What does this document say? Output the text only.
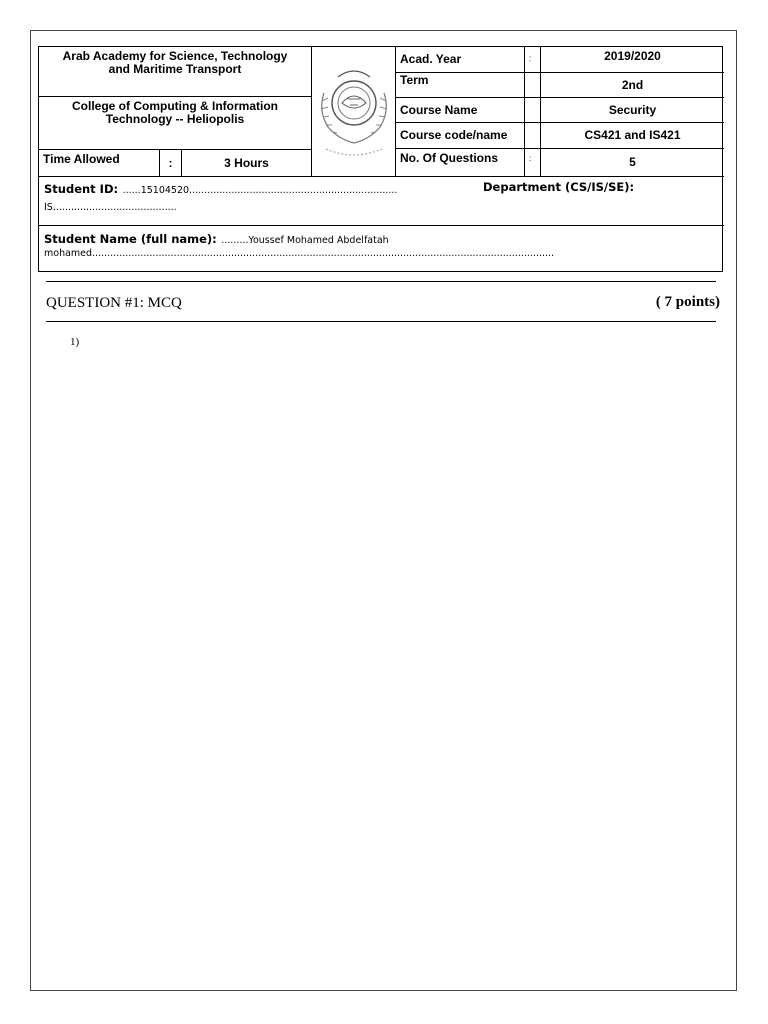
Arab Academy for Science, Technology
and Maritime Transport
College of Computing & Information
Technology -- Heliopolis
Time Allowed	:	3 Hours
Acad. Year	:	2019/2020
Term	2nd
Course Name	Security
Course code/name	CS421 and IS421
No. Of Questions	:	5
Student ID: ......15104520.....................................................................	Department (CS/IS/SE):
IS.........................................
Student Name (full name): .........Youssef Mohamed Abdelfatah
mohamed.........................................................................................................................................................
QUESTION #1: MCQ	( 7 points)
1)
